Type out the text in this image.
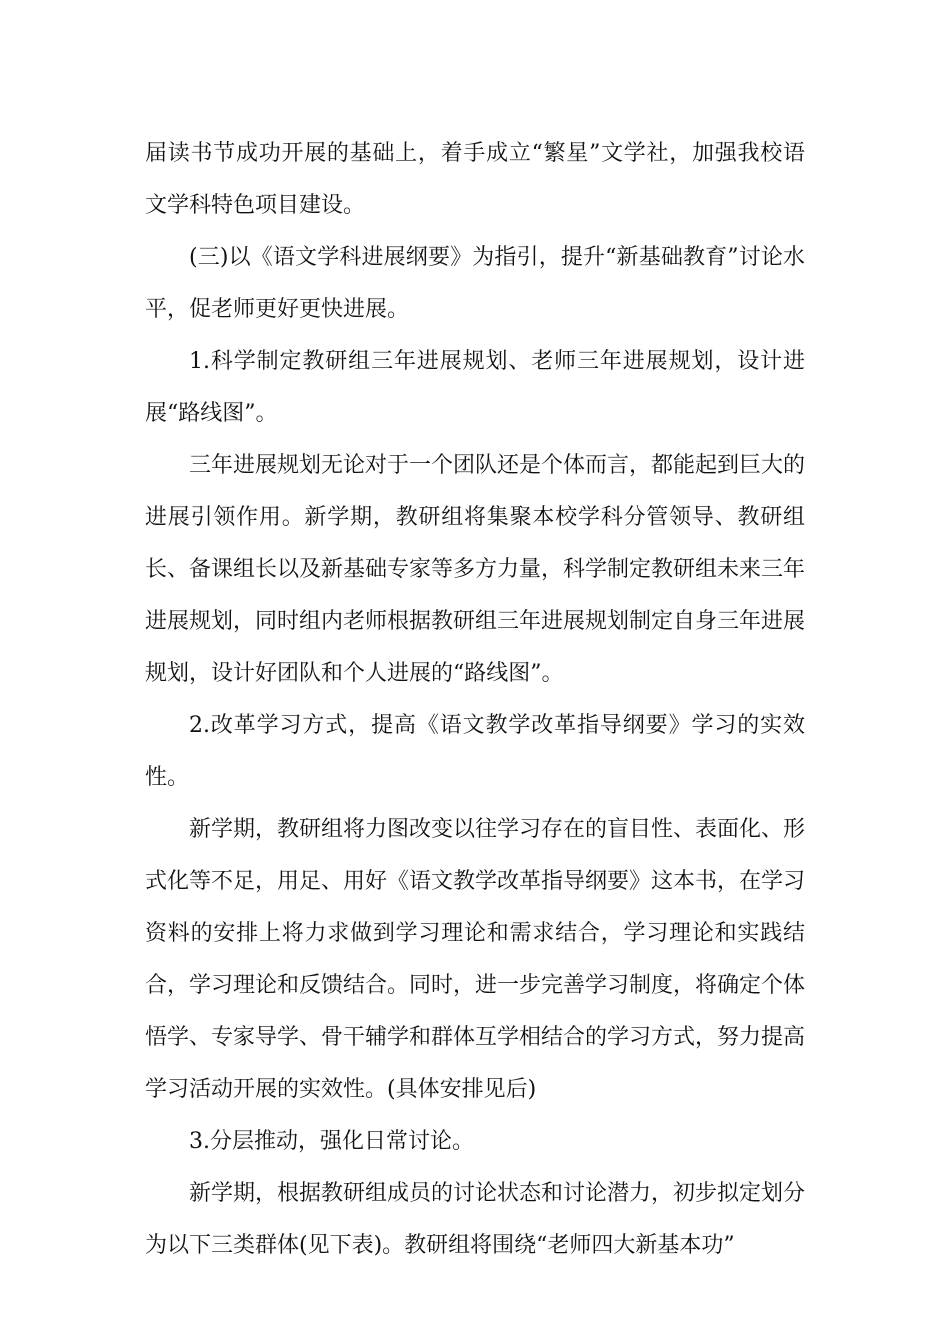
届读书节成功开展的基础上，着手成立“繁星”文学社，加强我校语文学科特色项目建设。

(三)以《语文学科进展纲要》为指引，提升“新基础教育”讨论水平，促老师更好更快进展。

1.科学制定教研组三年进展规划、老师三年进展规划，设计进展“路线图”。

三年进展规划无论对于一个团队还是个体而言，都能起到巨大的进展引领作用。新学期，教研组将集聚本校学科分管领导、教研组长、备课组长以及新基础专家等多方力量，科学制定教研组未来三年进展规划，同时组内老师根据教研组三年进展规划制定自身三年进展规划，设计好团队和个人进展的“路线图”。

2.改革学习方式，提高《语文教学改革指导纲要》学习的实效性。

新学期，教研组将力图改变以往学习存在的盲目性、表面化、形式化等不足，用足、用好《语文教学改革指导纲要》这本书，在学习资料的安排上将力求做到学习理论和需求结合，学习理论和实践结合，学习理论和反馈结合。同时，进一步完善学习制度，将确定个体悟学、专家导学、骨干辅学和群体互学相结合的学习方式，努力提高学习活动开展的实效性。(具体安排见后)

3.分层推动，强化日常讨论。

新学期，根据教研组成员的讨论状态和讨论潜力，初步拟定划分为以下三类群体(见下表)。教研组将围绕“老师四大新基本功”
